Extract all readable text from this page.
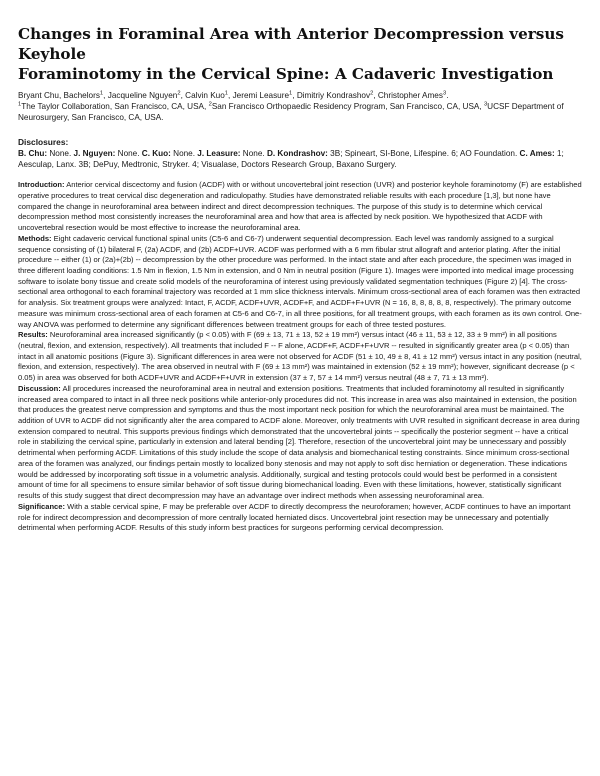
Changes in Foraminal Area with Anterior Decompression versus Keyhole
Foraminotomy in the Cervical Spine: A Cadaveric Investigation
Bryant Chu, Bachelors$^1$, Jacqueline Nguyen$^2$, Calvin Kuo$^1$, Jeremi Leasure$^1$, Dimitriy Kondrashov$^2$, Christopher Ames$^3$.
$^1$The Taylor Collaboration, San Francisco, CA, USA, $^2$San Francisco Orthopaedic Residency Program, San Francisco, CA, USA, $^3$UCSF Department of Neurosurgery, San Francisco, CA, USA.
Disclosures:
B. Chu: None. J. Nguyen: None. C. Kuo: None. J. Leasure: None. D. Kondrashov: 3B; Spineart, SI-Bone, Lifespine. 6; AO Foundation. C. Ames: 1; Aesculap, Lanx. 3B; DePuy, Medtronic, Stryker. 4; Visualase, Doctors Research Group, Baxano Surgery.

Introduction: Anterior cervical discectomy and fusion (ACDF) with or without uncovertebral joint resection (UVR) and posterior keyhole foraminotomy (F) are established operative procedures to treat cervical disc degeneration and radiculopathy. Studies have demonstrated reliable results with each procedure [1,3], but none have compared the change in neuroforaminal area between indirect and direct decompression techniques. The purpose of this study is to determine which cervical decompression method most consistently increases the neuroforaminal area and how that area is affected by neck position. We hypothesized that ACDF with uncovertebral resection would be most effective to increase the neuroforaminal area.

Methods: Eight cadaveric cervical functional spinal units (C5-6 and C6-7) underwent sequential decompression. Each level was randomly assigned to a surgical sequence consisting of (1) bilateral F, (2a) ACDF, and (2b) ACDF+UVR. ACDF was performed with a 6 mm fibular strut allograft and anterior plating. After the initial procedure -- either (1) or (2a)+(2b) -- decompression by the other procedure was performed. In the intact state and after each procedure, the specimen was imaged in three different loading conditions: 1.5 Nm in flexion, 1.5 Nm in extension, and 0 Nm in neutral position (Figure 1). Images were imported into medical image processing software to isolate bony tissue and create solid models of the neuroforamina of interest using previously validated segmentation techniques (Figure 2) [4]. The cross-sectional area orthogonal to each foraminal trajectory was recorded at 1 mm slice thickness intervals. Minimum cross-sectional area of each foramen was then extracted for analysis. Six treatment groups were analyzed: Intact, F, ACDF, ACDF+UVR, ACDF+F, and ACDF+F+UVR (N = 16, 8, 8, 8, 8, 8, respectively). The primary outcome measure was minimum cross-sectional area of each foramen at C5-6 and C6-7, in all three positions, for all treatment groups, with each foramen as its own control. One-way ANOVA was performed to determine any significant differences between treatment groups for each of three tested postures.

Results: Neuroforaminal area increased significantly (p < 0.05) with F (69 ± 13, 71 ± 13, 52 ± 19 mm²) versus intact (46 ± 11, 53 ± 12, 33 ± 9 mm²) in all positions (neutral, flexion, and extension, respectively). All treatments that included F -- F alone, ACDF+F, ACDF+F+UVR -- resulted in significantly greater area (p < 0.05) than intact in all anatomic positions (Figure 3). Significant differences in area were not observed for ACDF (51 ± 10, 49 ± 8, 41 ± 12 mm²) versus intact in any position (neutral, flexion, and extension, respectively). The area observed in neutral with F (69 ± 13 mm²) was maintained in extension (52 ± 19 mm²); however, significant decrease (p < 0.05) in area was observed for both ACDF+UVR and ACDF+F+UVR in extension (37 ± 7, 57 ± 14 mm²) versus neutral (48 ± 7, 71 ± 13 mm²).

Discussion: All procedures increased the neuroforaminal area in neutral and extension positions. Treatments that included foraminotomy all resulted in significantly increased area compared to intact in all three neck positions while anterior-only procedures did not. This increase in area was also maintained in extension, the position that produces the greatest nerve compression and symptoms and thus the most important neck position for which the neuroforaminal area must be maintained. The addition of UVR to ACDF did not significantly alter the area compared to ACDF alone. Moreover, only treatments with UVR resulted in significant decrease in area during extension compared to neutral. This supports previous findings which demonstrated that the uncovertebral joints -- specifically the posterior segment -- have a critical role in stabilizing the cervical spine, particularly in extension and lateral bending [2]. Therefore, resection of the uncovertebral joint may be unnecessary and possibly detrimental when performing ACDF. Limitations of this study include the scope of data analysis and biomechanical testing constraints. Since minimum cross-sectional area of the foramen was analyzed, our findings pertain mostly to localized bony stenosis and may not apply to soft disc herniation or degeneration. These indications would be addressed by incorporating soft tissue in a volumetric analysis. Additionally, surgical and testing protocols could would best be performed in a consistent amount of time for all specimens to ensure similar behavior of soft tissue during biomechanical loading. Even with these limitations, however, statistically significant results of this study suggest that direct decompression may have an advantage over indirect methods when assessing neuroforaminal area.

Significance: With a stable cervical spine, F may be preferable over ACDF to directly decompress the neuroforamen; however, ACDF continues to have an important role for indirect decompression and decompression of more centrally located herniated discs. Uncovertebral joint resection may be unnecessary and potentially detrimental when performing ACDF. Results of this study inform best practices for surgeons performing cervical decompression.
